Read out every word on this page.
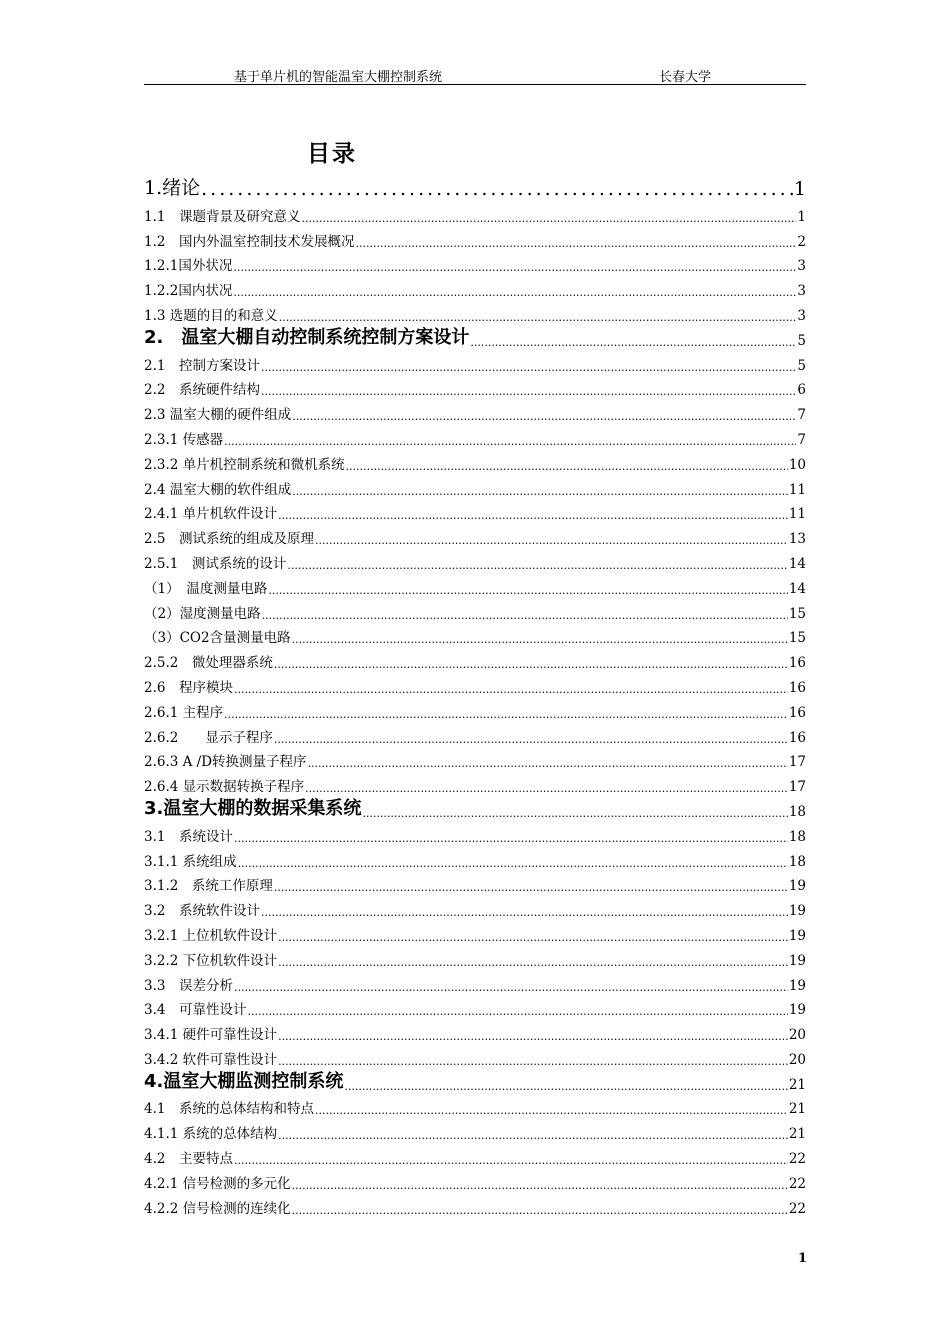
基于单片机的智能温室大棚控制系统	长春大学
目录
1.绪论 .....	1
1.1　课题背景及研究意义 .....	1
1.2　国内外温室控制技术发展概况 .....	2
1.2.1国外状况 .....	3
1.2.2国内状况 .....	3
1.3 选题的目的和意义 .....	3
2.　温室大棚自动控制系统控制方案设计 .....	5
2.1　控制方案设计 .....	5
2.2　系统硬件结构 .....	6
2.3 温室大棚的硬件组成 .....	7
2.3.1 传感器 .....	7
2.3.2 单片机控制系统和微机系统 .....	10
2.4 温室大棚的软件组成 .....	11
2.4.1 单片机软件设计 .....	11
2.5　测试系统的组成及原理 .....	13
2.5.1　测试系统的设计 .....	14
（1）　温度测量电路 .....	14
（2）湿度测量电路 .....	15
（3）CO2含量测量电路 .....	15
2.5.2　微处理器系统 .....	16
2.6　程序模块 .....	16
2.6.1 主程序 .....	16
2.6.2　　显示子程序 .....	16
2.6.3 A /D转换测量子程序 .....	17
2.6.4 显示数据转换子程序 .....	17
3.温室大棚的数据采集系统 .....	18
3.1　系统设计 .....	18
3.1.1 系统组成 .....	18
3.1.2　系统工作原理 .....	19
3.2　系统软件设计 .....	19
3.2.1 上位机软件设计 .....	19
3.2.2 下位机软件设计 .....	19
3.3　误差分析 .....	19
3.4　可靠性设计 .....	19
3.4.1 硬件可靠性设计 .....	20
3.4.2 软件可靠性设计 .....	20
4.温室大棚监测控制系统 .....	21
4.1　系统的总体结构和特点 .....	21
4.1.1 系统的总体结构 .....	21
4.2　主要特点 .....	22
4.2.1 信号检测的多元化 .....	22
4.2.2 信号检测的连续化 .....	22
1
